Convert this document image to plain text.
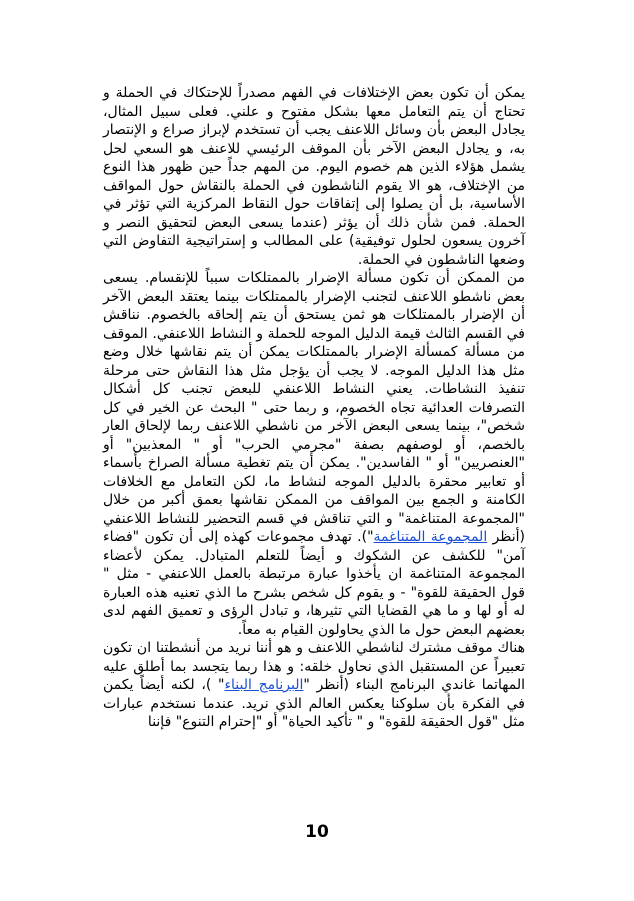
يمكن أن تكون بعض الإختلافات في الفهم مصدراً للإحتكاك في الحملة و تحتاج أن يتم التعامل معها بشكل مفتوح و علني. فعلى سبيل المثال، يجادل البعض بأن وسائل اللاعنف يجب أن تستخدم لإبراز صراع و الإنتصار به، و يجادل البعض الآخر بأن الموقف الرئيسي للاعنف هو السعي لحل يشمل هؤلاء الذين هم خصوم اليوم. من المهم جداً حين ظهور هذا النوع من الإختلاف، هو الا يقوم الناشطون في الحملة بالنقاش حول المواقف الأساسية، بل أن يصلوا إلى إتفاقات حول النقاط المركزية التي تؤثر في الحملة. فمن شأن ذلك أن يؤثر (عندما يسعى البعض لتحقيق النصر و آخرون يسعون لحلول توفيقية) على المطالب و إستراتيجية التفاوض التي وضعها الناشطون في الحملة.

من الممكن أن تكون مسألة الإضرار بالممتلكات سبباً للإنقسام. يسعى بعض ناشطو اللاعنف لتجنب الإضرار بالممتلكات بينما يعتقد البعض الآخر أن الإضرار بالممتلكات هو ثمن يستحق أن يتم إلحاقه بالخصوم. نناقش في القسم الثالث قيمة الدليل الموجه للحملة و النشاط اللاعنفي. الموقف من مسألة كمسألة الإضرار بالممتلكات يمكن أن يتم نقاشها خلال وضع مثل هذا الدليل الموجه. لا يجب أن يؤجل مثل هذا النقاش حتى مرحلة تنفيذ النشاطات. يعني النشاط اللاعنفي للبعض تجنب كل أشكال التصرفات العدائية تجاه الخصوم، و ربما حتى " البحث عن الخير في كل شخص"، بينما يسعى البعض الآخر من ناشطي اللاعنف ربما لإلحاق العار بالخصم، أو لوصفهم بصفة "مجرمي الحرب" أو " المعذبين" أو "العنصريين" أو " الفاسدين". يمكن أن يتم تغطية مسألة الصراخ بأسماء أو تعابير محقرة بالدليل الموجه لنشاط ما، لكن التعامل مع الخلافات الكامنة و الجمع بين المواقف من الممكن نقاشها بعمق أكبر من خلال "المجموعة المتناغمة" و التي تناقش في قسم التحضير للنشاط اللاعنفي (أنظر المجموعة المتناغمة"). تهدف مجموعات كهذه إلى أن تكون "فضاء آمن" للكشف عن الشكوك و أيضاً للتعلم المتبادل. يمكن لأعضاء المجموعة المتناغمة ان يأخذوا عبارة مرتبطة بالعمل اللاعنفي - مثل " قول الحقيقة للقوة" - و يقوم كل شخص بشرح ما الذي تعنيه هذه العبارة له أو لها و ما هي القضايا التي تثيرها، و تبادل الرؤى و تعميق الفهم لدى بعضهم البعض حول ما الذي يحاولون القيام به معاً.

هناك موقف مشترك لناشطي اللاعنف و هو أننا نريد من أنشطتنا ان تكون تعبيراً عن المستقبل الذي نحاول خلقه: و هذا ربما يتجسد بما أطلق عليه المهاتما غاندي البرنامج البناء (أنظر "البرنامج البناء" )، لكنه أيضاً يكمن في الفكرة بأن سلوكنا يعكس العالم الذي نريد. عندما نستخدم عبارات مثل "قول الحقيقة للقوة" و " تأكيد الحياة" أو "إحترام التنوع" فإننا

10
